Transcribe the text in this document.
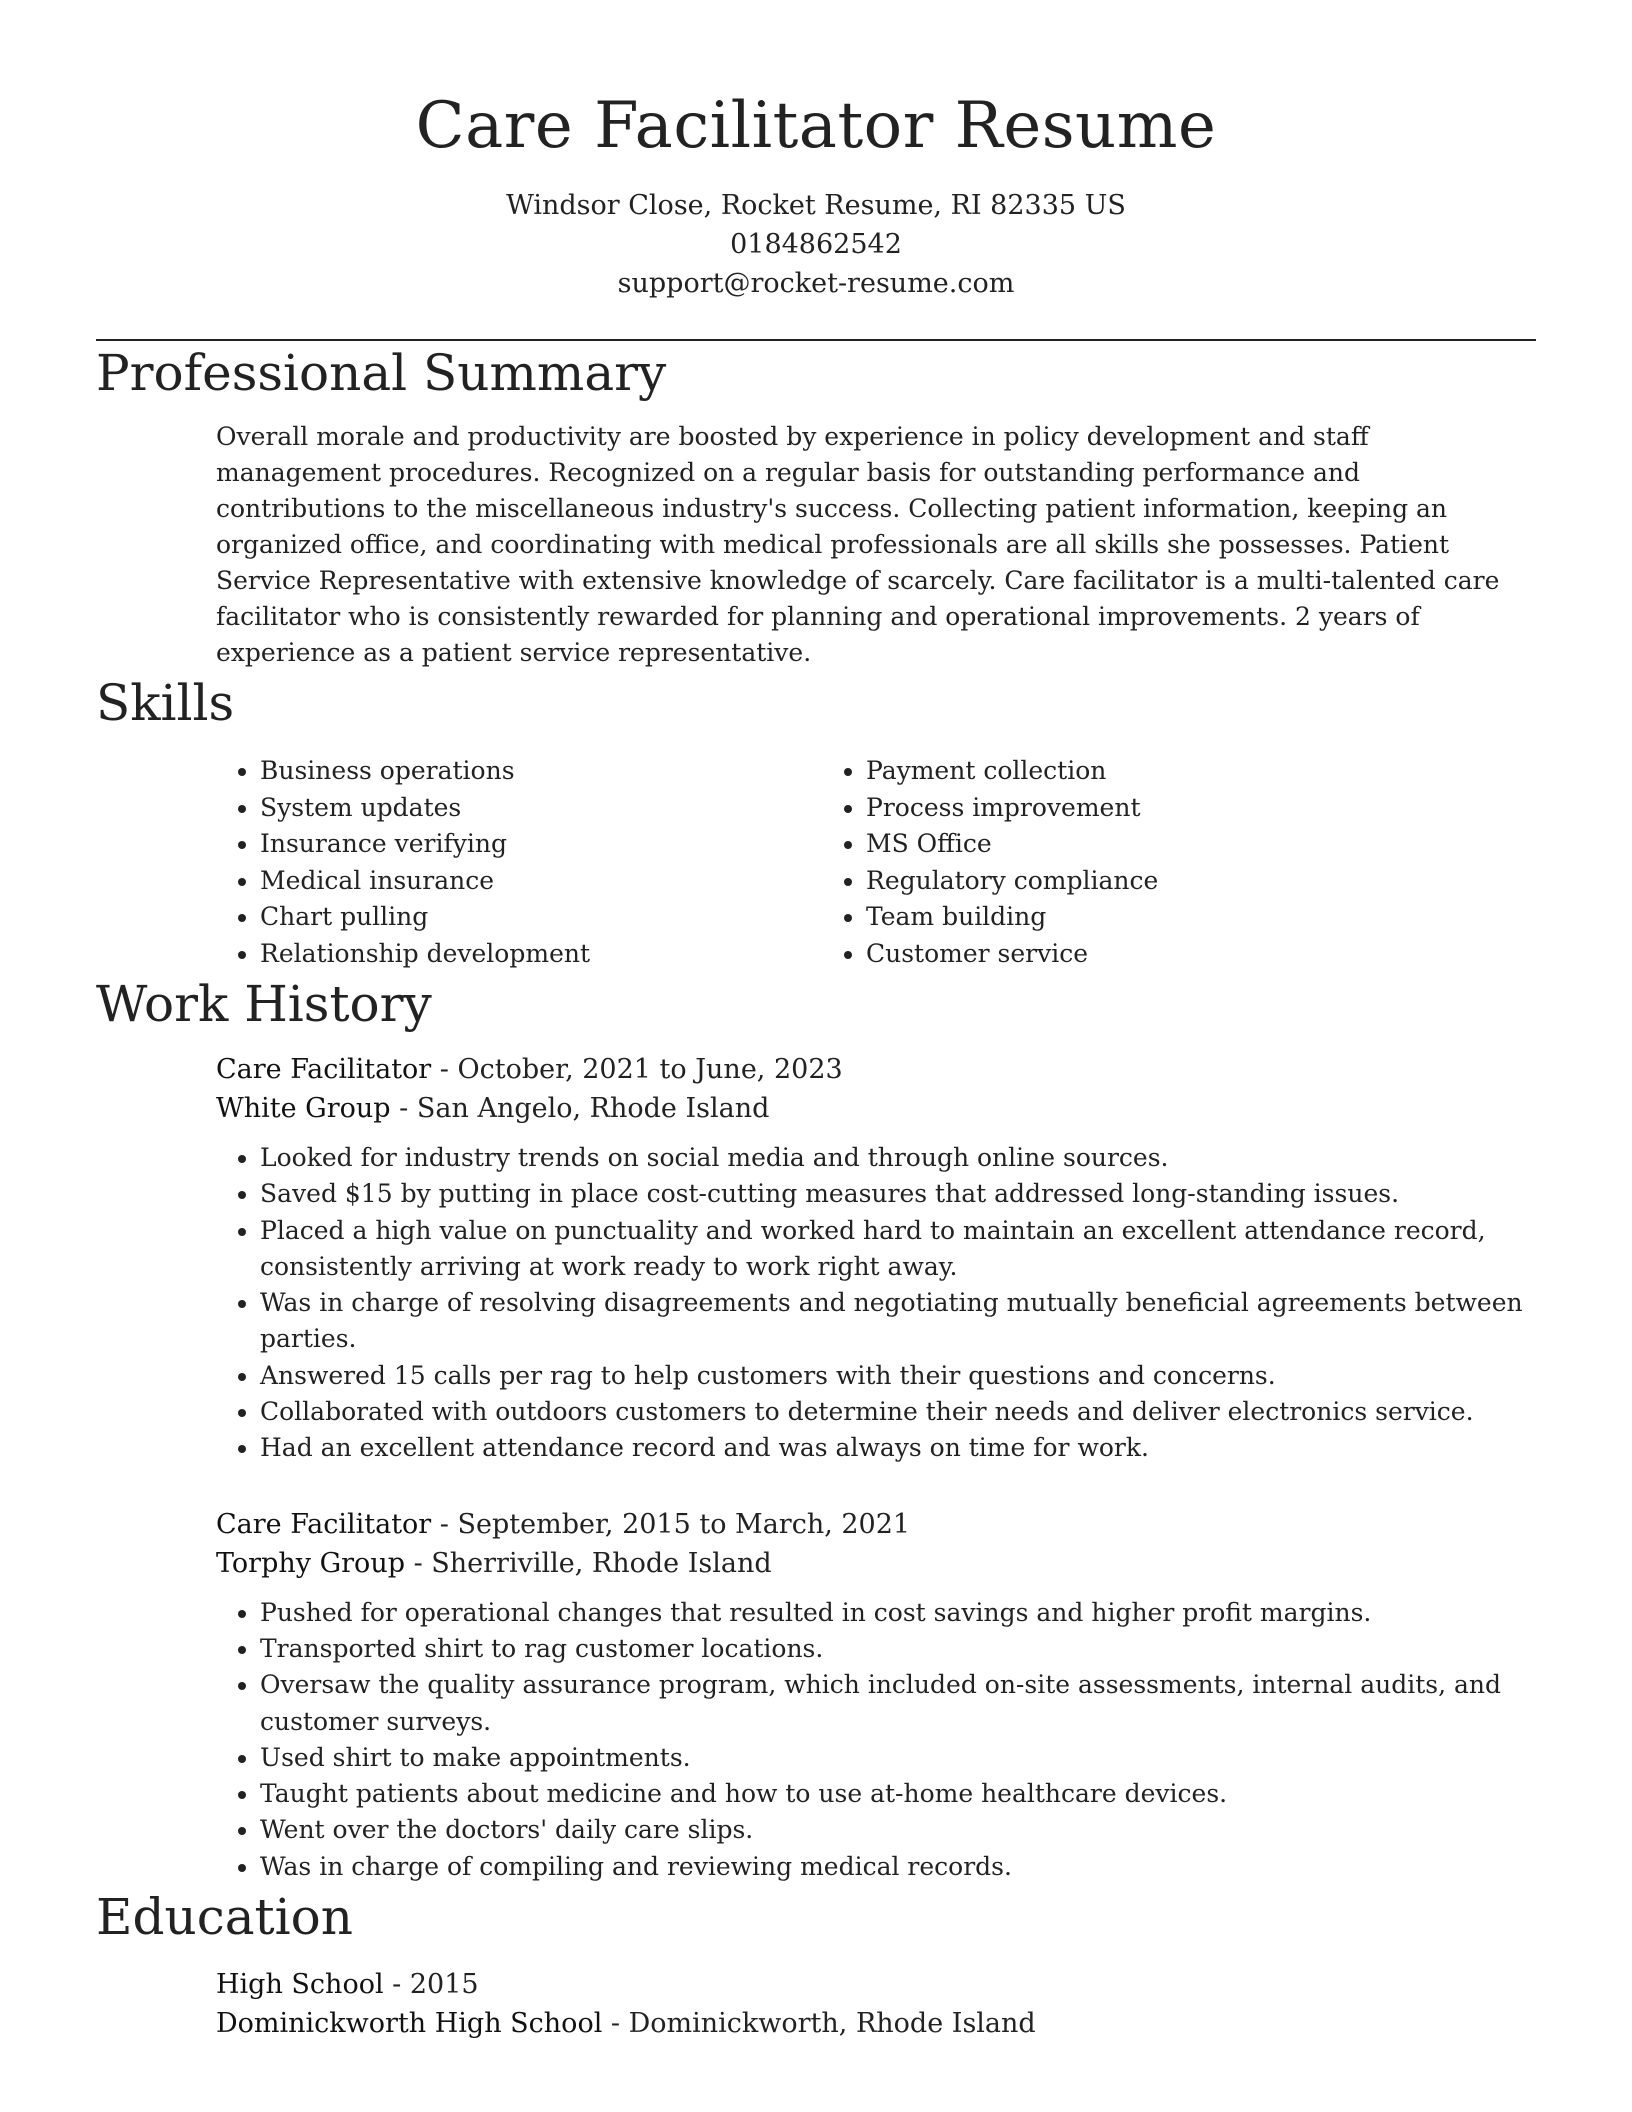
Care Facilitator Resume
Windsor Close, Rocket Resume, RI 82335 US
0184862542
support@rocket-resume.com
Professional Summary

Overall morale and productivity are boosted by experience in policy development and staff management procedures. Recognized on a regular basis for outstanding performance and contributions to the miscellaneous industry's success. Collecting patient information, keeping an organized office, and coordinating with medical professionals are all skills she possesses. Patient Service Representative with extensive knowledge of scarcely. Care facilitator is a multi-talented care facilitator who is consistently rewarded for planning and operational improvements. 2 years of experience as a patient service representative.

Skills
• Business operations
• System updates
• Insurance verifying
• Medical insurance
• Chart pulling
• Relationship development
• Payment collection
• Process improvement
• MS Office
• Regulatory compliance
• Team building
• Customer service
Work History
Care Facilitator - October, 2021 to June, 2023
White Group - San Angelo, Rhode Island
• Looked for industry trends on social media and through online sources.
• Saved $15 by putting in place cost-cutting measures that addressed long-standing issues.
• Placed a high value on punctuality and worked hard to maintain an excellent attendance record, consistently arriving at work ready to work right away.
• Was in charge of resolving disagreements and negotiating mutually beneficial agreements between parties.
• Answered 15 calls per rag to help customers with their questions and concerns.
• Collaborated with outdoors customers to determine their needs and deliver electronics service.
• Had an excellent attendance record and was always on time for work.
Care Facilitator - September, 2015 to March, 2021
Torphy Group - Sherriville, Rhode Island
• Pushed for operational changes that resulted in cost savings and higher profit margins.
• Transported shirt to rag customer locations.
• Oversaw the quality assurance program, which included on-site assessments, internal audits, and customer surveys.
• Used shirt to make appointments.
• Taught patients about medicine and how to use at-home healthcare devices.
• Went over the doctors' daily care slips.
• Was in charge of compiling and reviewing medical records.
Education
High School - 2015
Dominickworth High School - Dominickworth, Rhode Island
